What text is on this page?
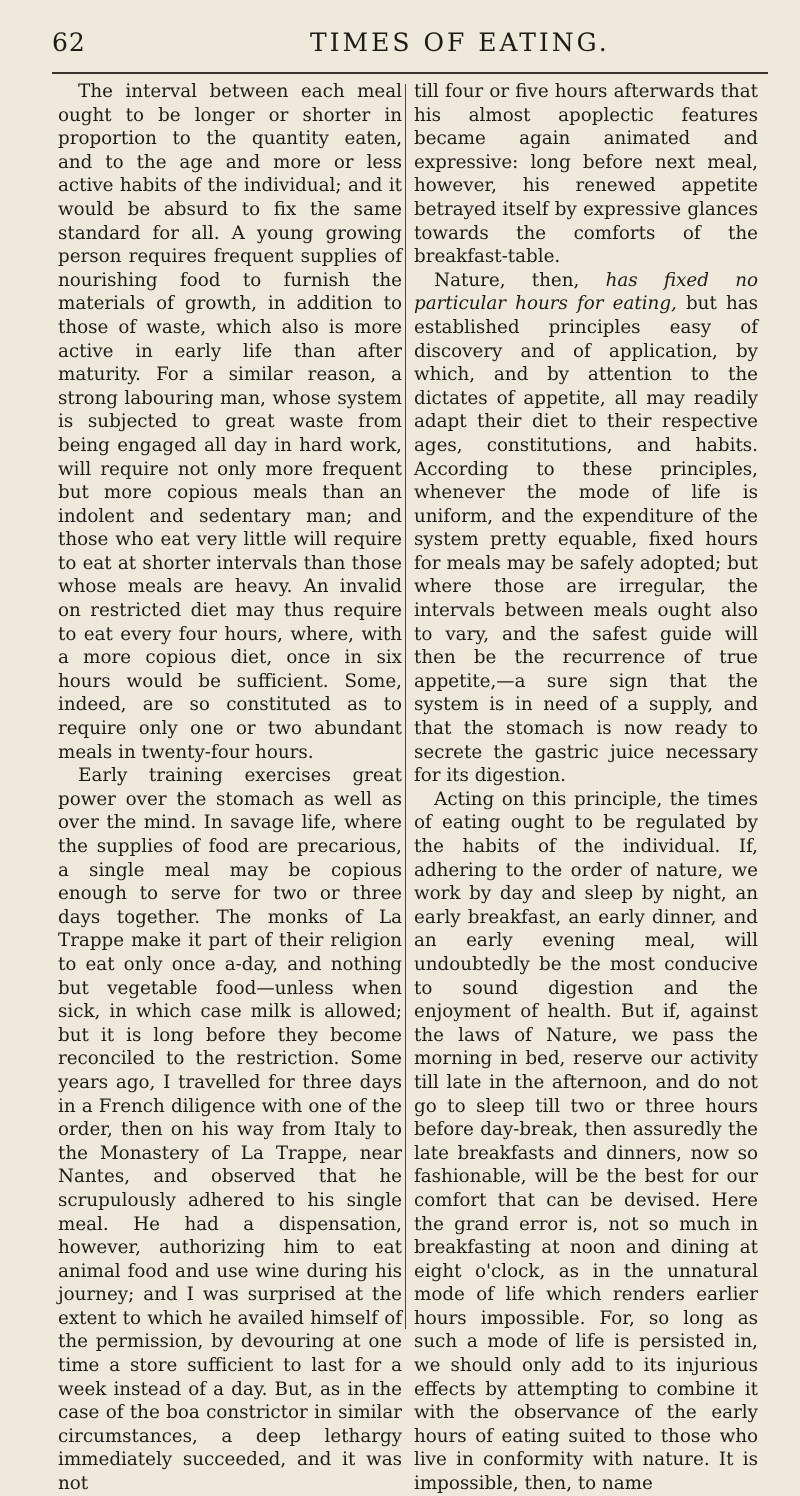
62	TIMES OF EATING.

The interval between each meal ought to be longer or shorter in proportion to the quantity eaten, and to the age and more or less active habits of the individual; and it would be absurd to fix the same standard for all. A young growing person requires frequent supplies of nourishing food to furnish the materials of growth, in addition to those of waste, which also is more active in early life than after maturity. For a similar reason, a strong labouring man, whose system is subjected to great waste from being engaged all day in hard work, will require not only more frequent but more copious meals than an indolent and sedentary man; and those who eat very little will require to eat at shorter intervals than those whose meals are heavy. An invalid on restricted diet may thus require to eat every four hours, where, with a more copious diet, once in six hours would be sufficient. Some, indeed, are so constituted as to require only one or two abundant meals in twenty-four hours.

Early training exercises great power over the stomach as well as over the mind. In savage life, where the supplies of food are precarious, a single meal may be copious enough to serve for two or three days together. The monks of La Trappe make it part of their religion to eat only once a-day, and nothing but vegetable food—unless when sick, in which case milk is allowed; but it is long before they become reconciled to the restriction. Some years ago, I travelled for three days in a French diligence with one of the order, then on his way from Italy to the Monastery of La Trappe, near Nantes, and observed that he scrupulously adhered to his single meal. He had a dispensation, however, authorizing him to eat animal food and use wine during his journey; and I was surprised at the extent to which he availed himself of the permission, by devouring at one time a store sufficient to last for a week instead of a day. But, as in the case of the boa constrictor in similar circumstances, a deep lethargy immediately succeeded, and it was not

till four or five hours afterwards that his almost apoplectic features became again animated and expressive: long before next meal, however, his renewed appetite betrayed itself by expressive glances towards the comforts of the breakfast-table.

Nature, then, has fixed no particular hours for eating, but has established principles easy of discovery and of application, by which, and by attention to the dictates of appetite, all may readily adapt their diet to their respective ages, constitutions, and habits. According to these principles, whenever the mode of life is uniform, and the expenditure of the system pretty equable, fixed hours for meals may be safely adopted; but where those are irregular, the intervals between meals ought also to vary, and the safest guide will then be the recurrence of true appetite,—a sure sign that the system is in need of a supply, and that the stomach is now ready to secrete the gastric juice necessary for its digestion.

Acting on this principle, the times of eating ought to be regulated by the habits of the individual. If, adhering to the order of nature, we work by day and sleep by night, an early breakfast, an early dinner, and an early evening meal, will undoubtedly be the most conducive to sound digestion and the enjoyment of health. But if, against the laws of Nature, we pass the morning in bed, reserve our activity till late in the afternoon, and do not go to sleep till two or three hours before day-break, then assuredly the late breakfasts and dinners, now so fashionable, will be the best for our comfort that can be devised. Here the grand error is, not so much in breakfasting at noon and dining at eight o'clock, as in the unnatural mode of life which renders earlier hours impossible. For, so long as such a mode of life is persisted in, we should only add to its injurious effects by attempting to combine it with the observance of the early hours of eating suited to those who live in conformity with nature. It is impossible, then, to name
